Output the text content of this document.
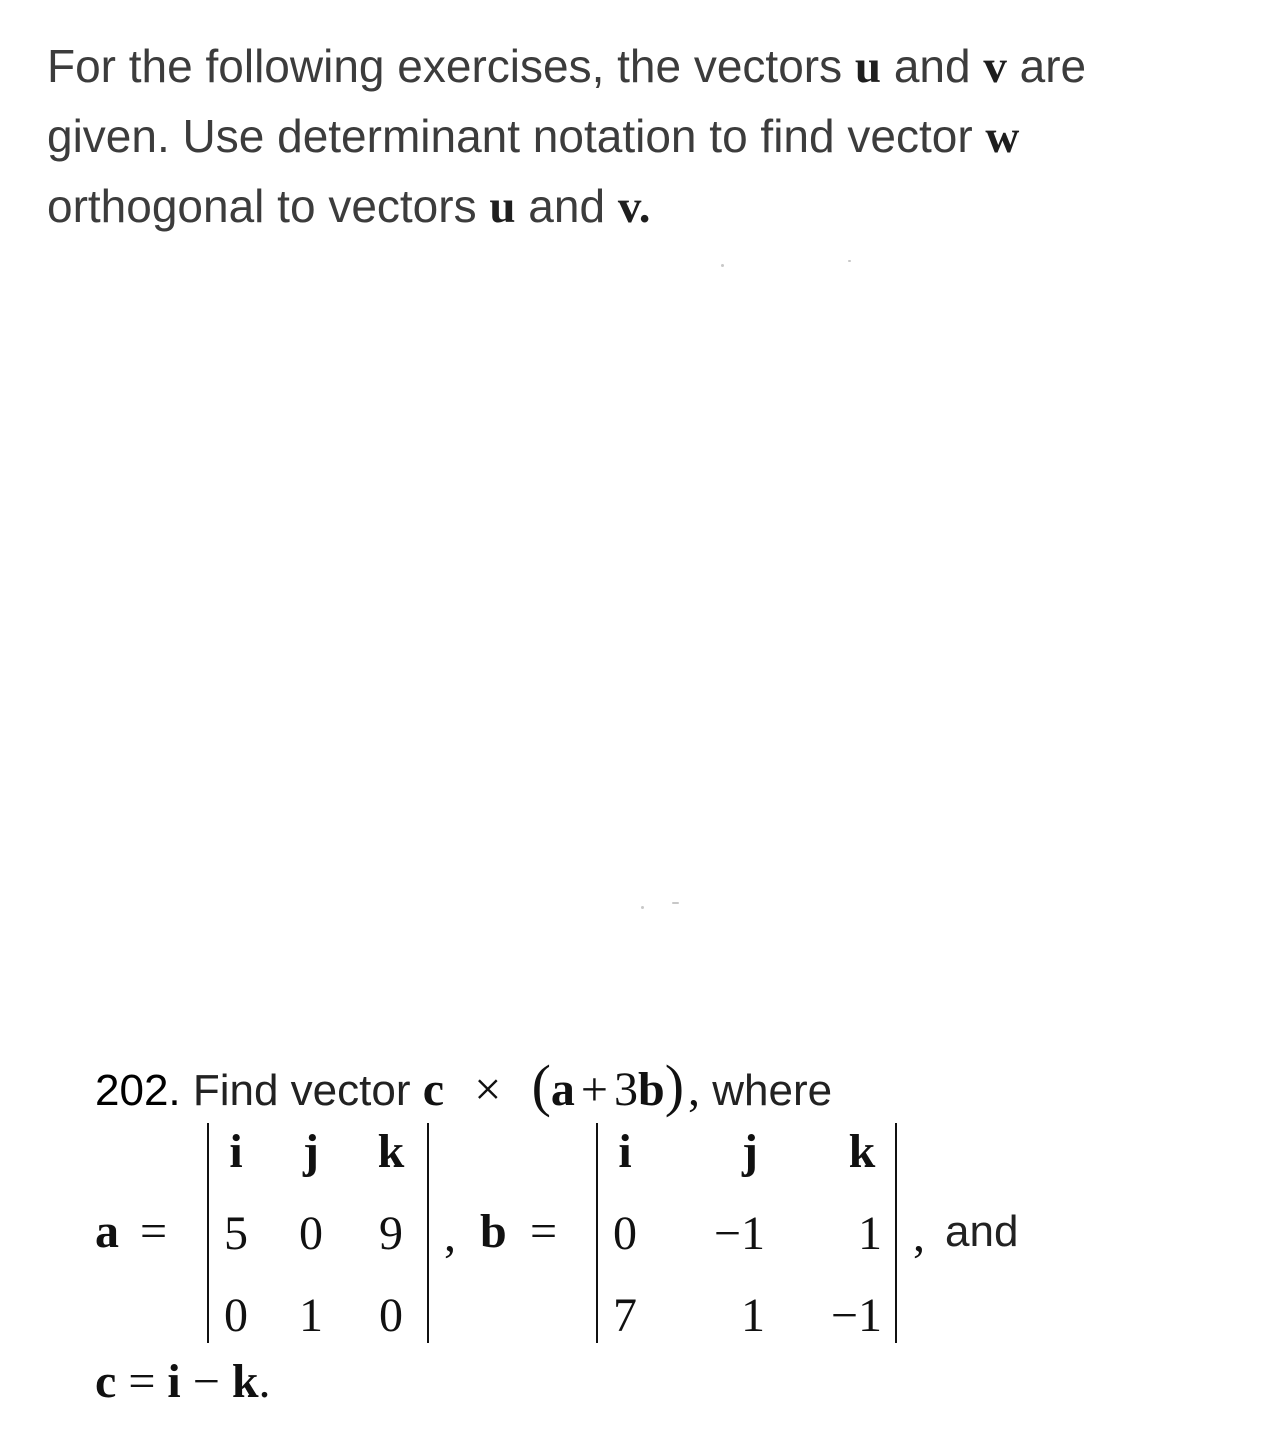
For the following exercises, the vectors u and v are
given. Use determinant notation to find vector w
orthogonal to vectors u and v.

202. Find vector c × (a + 3b), where
a =
i j k
5 0 9
0 1 0
, b =
i j k
0	−1	1
7	1	−1
, and
c = i − k.
